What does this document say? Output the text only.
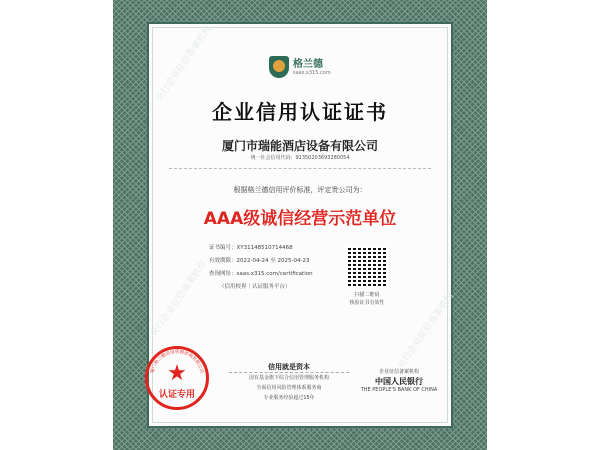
央行企业征信备案机构
央行企业征信备案机构	央行企业征信备案机构
格兰德
saas.x315.com
企业信用认证证书
厦门市瑞能酒店设备有限公司
统一社会信用代码：91350203693280054
根据格兰德信用评价标准，评定贵公司为：
AAA级诚信经营示范单位
证书编号：XY311485107144​68
有效期限：2022-04-24 至 2025-04-23
查询网址：saas.x315.com/certification
（信用校界｜认证服务平台）
扫描二维码
核验证书有效性
厦门格兰德信用管理咨询有限公司
★
认证专用
信用就是资本
国有基金旗下综合信用管理服务机构
全面信用风险管理体系服务商
专业服务经验超过15年
企业征信备案机构
中国人民银行
THE PEOPLE'S BANK OF CHINA
